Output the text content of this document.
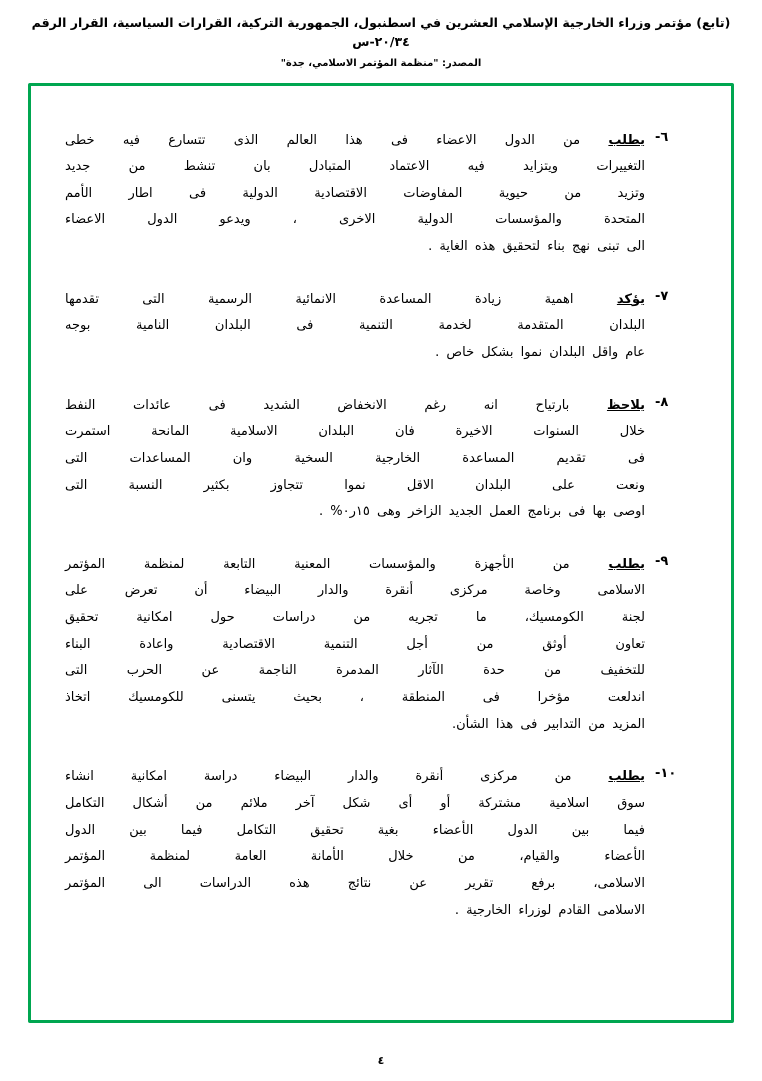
(تابع) مؤتمر وزراء الخارجية الإسلامي العشرين في اسطنبول، الجمهورية التركية، القرارات السياسية، القرار الرقم ٢٠/٣٤-س
المصدر: "منظمة المؤتمر الاسلامي، جدة"
٦-
يطلب من الدول الاعضاء فى هذا العالم الذى تتسارع فيه خطى
التغييرات ويتزايد فيه الاعتماد المتبادل بان تنشط من جديد
وتزيد من حيوية المفاوضات الاقتصادية الدولية فى اطار الأمم
المتحدة والمؤسسات الدولية الاخرى ، ويدعو الدول الاعضاء
الى تبنى نهج بناء لتحقيق هذه الغاية .
٧-
يؤكد اهمية زيادة المساعدة الانمائية الرسمية التى تقدمها
البلدان المتقدمة لخدمة التنمية فى البلدان النامية بوجه
عام واقل البلدان نموا بشكل خاص .
٨-
يلاحظ بارتياح انه رغم الانخفاض الشديد فى عائدات النفط
خلال السنوات الاخيرة فان البلدان الاسلامية المانحة استمرت
فى تقديم المساعدة الخارجية السخية وان المساعدات التى
ونعت على البلدان الاقل نموا تتجاوز بكثير النسبة التى
اوصى بها فى برنامج العمل الجديد الزاخر وهى ١٥ر٠% .
٩-
يطلب من الأجهزة والمؤسسات المعنية التابعة لمنظمة المؤتمر
الاسلامى وخاصة مركزى أنقرة والدار البيضاء أن تعرض على
لجنة الكومسيك، ما تجريه من دراسات حول امكانية تحقيق
تعاون أوثق من أجل التنمية الاقتصادية واعادة البناء
للتخفيف من حدة الآثار المدمرة الناجمة عن الحرب التى
اندلعت مؤخرا فى المنطقة ، بحيث يتسنى للكومسيك اتخاذ
المزيد من التدابير فى هذا الشأن.
١٠-
يطلب من مركزى أنقرة والدار البيضاء دراسة امكانية انشاء
سوق اسلامية مشتركة أو أى شكل آخر ملائم من أشكال التكامل
فيما بين الدول الأعضاء بغية تحقيق التكامل فيما بين الدول
الأعضاء والقيام، من خلال الأمانة العامة لمنظمة المؤتمر
الاسلامى، برفع تقرير عن نتائج هذه الدراسات الى المؤتمر
الاسلامى القادم لوزراء الخارجية .
٤
